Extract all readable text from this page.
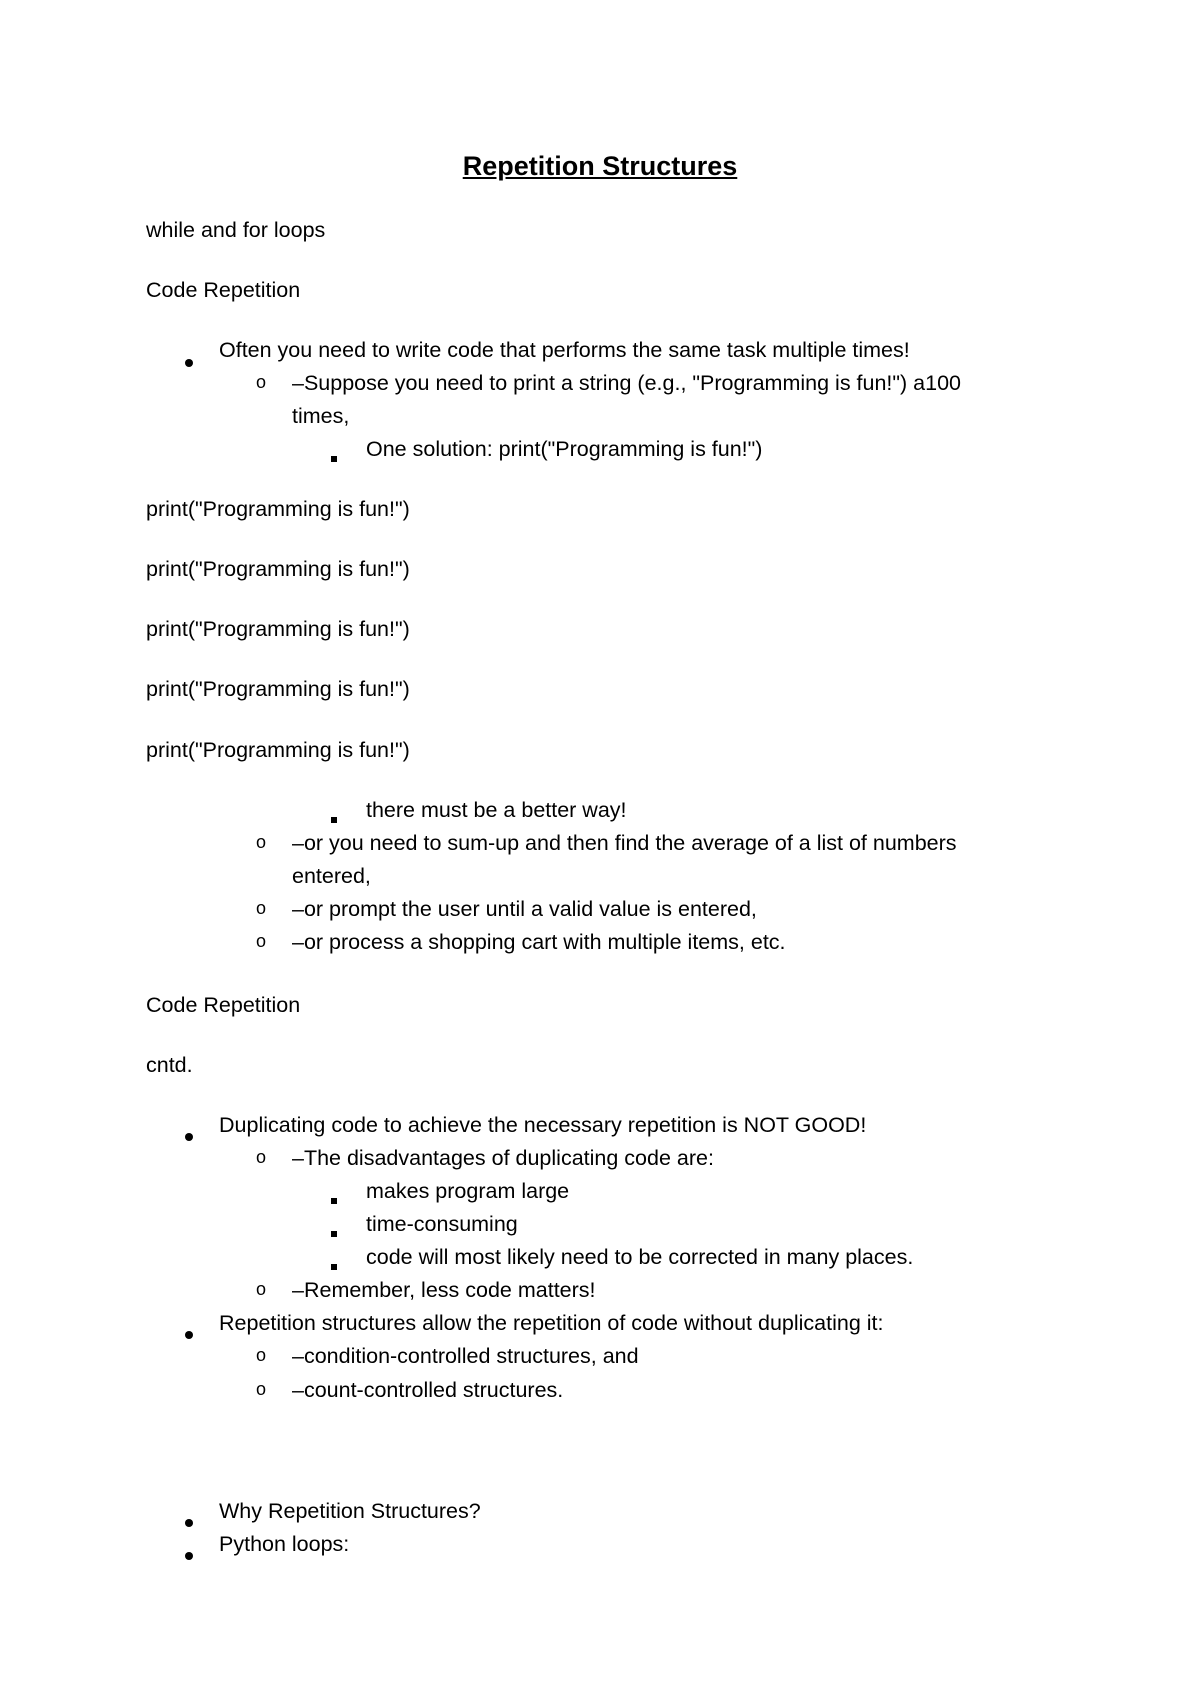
Repetition Structures
while and for loops
Code Repetition
Often you need to write code that performs the same task multiple times!
o –Suppose you need to print a string (e.g., "Programming is fun!") a100
times,
One solution: print("Programming is fun!")
print("Programming is fun!")
print("Programming is fun!")
print("Programming is fun!")
print("Programming is fun!")
print("Programming is fun!")
there must be a better way!
o –or you need to sum-up and then find the average of a list of numbers
entered,
o –or prompt the user until a valid value is entered,
o –or process a shopping cart with multiple items, etc.
Code Repetition
cntd.
Duplicating code to achieve the necessary repetition is NOT GOOD!
o –The disadvantages of duplicating code are:
makes program large
time-consuming
code will most likely need to be corrected in many places.
o –Remember, less code matters!
Repetition structures allow the repetition of code without duplicating it:
o –condition-controlled structures, and
o –count-controlled structures.
Why Repetition Structures?
Python loops:
